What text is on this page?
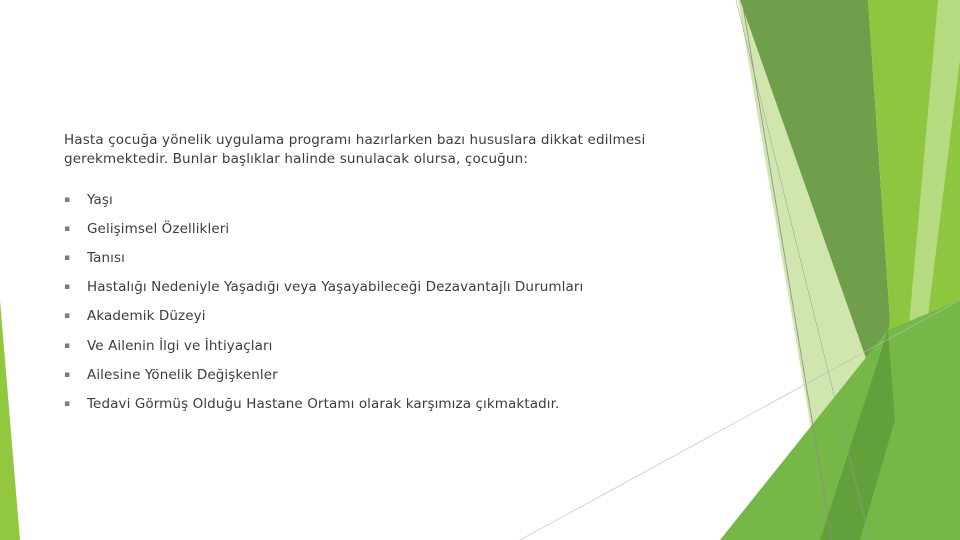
Hasta çocuğa yönelik uygulama programı hazırlarken bazı hususlara dikkat edilmesi gerekmektedir. Bunlar başlıklar halinde sunulacak olursa, çocuğun:

▪	Yaşı
▪	Gelişimsel Özellikleri
▪	Tanısı
▪	Hastalığı Nedeniyle Yaşadığı veya Yaşayabileceği Dezavantajlı Durumları
▪	Akademik Düzeyi
▪	Ve Ailenin İlgi ve İhtiyaçları
▪	Ailesine Yönelik Değişkenler
▪	Tedavi Görmüş Olduğu Hastane Ortamı olarak karşımıza çıkmaktadır.
